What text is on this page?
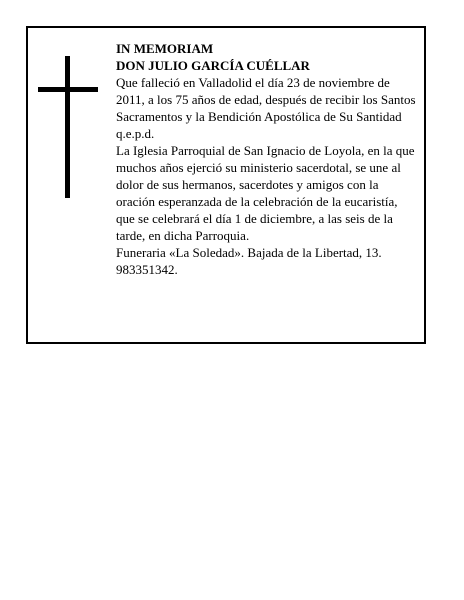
IN MEMORIAM

DON JULIO GARCÍA CUÉLLAR

Que falleció en Valladolid el día 23 de noviembre de 2011, a los 75 años de edad, después de recibir los Santos Sacramentos y la Bendición Apostólica de Su Santidad

q.e.p.d.

La Iglesia Parroquial de San Ignacio de Loyola, en la que muchos años ejerció su ministerio sacerdotal, se une al dolor de sus hermanos, sacerdotes y amigos con la oración esperanzada de la celebración de la eucaristía, que se celebrará el día 1 de diciembre, a las seis de la tarde, en dicha Parroquia.

Funeraria «La Soledad». Bajada de la Libertad, 13. 983351342.
